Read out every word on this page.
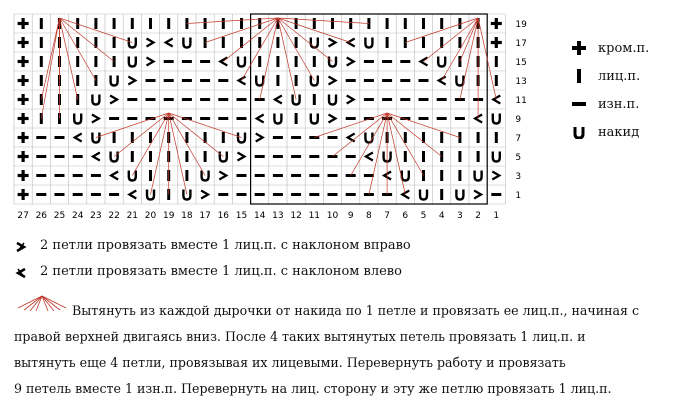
19
17
15
13
11
9
7
5
3
1
27 26 25 24 23 22 21 20 19 18 17 16 15 14 13 12 11 10 9 8 7 6 5 4 3 2 1
кром.п.
лиц.п.
изн.п.
накид
2 петли провязать вместе 1 лиц.п. с наклоном вправо
2 петли провязать вместе 1 лиц.п. с наклоном влево
Вытянуть из каждой дырочки от накида по 1 петле и провязать ее лиц.п., начиная с
правой верхней двигаясь вниз. После 4 таких вытянутых петель провязать 1 лиц.п. и
вытянуть еще 4 петли, провязывая их лицевыми. Перевернуть работу и провязать
9 петель вместе 1 изн.п. Перевернуть на лиц. сторону и эту же петлю провязать 1 лиц.п.
